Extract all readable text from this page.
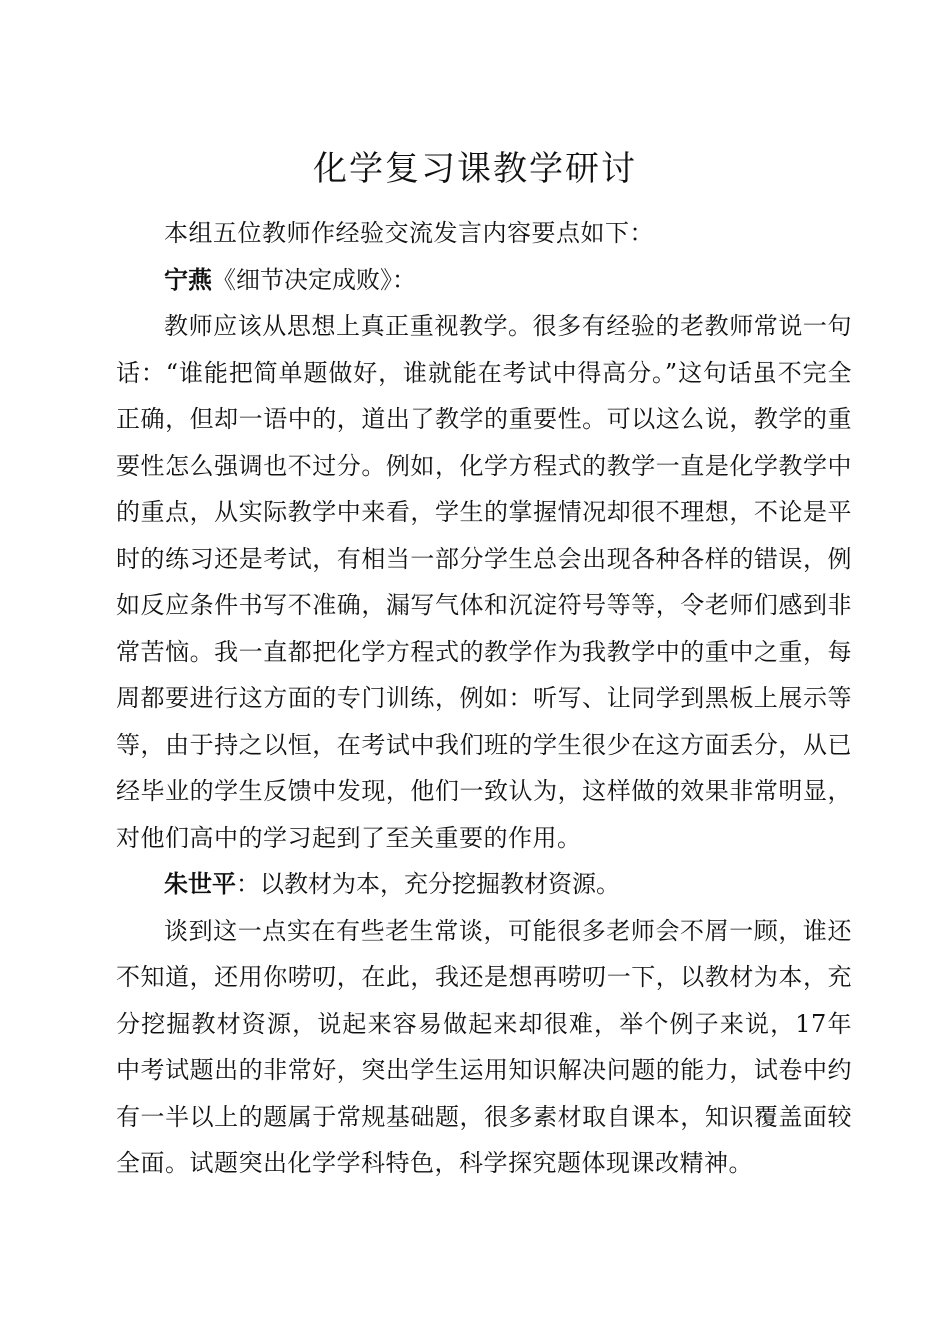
化学复习课教学研讨

本组五位教师作经验交流发言内容要点如下：

宁燕《细节决定成败》：

教师应该从思想上真正重视教学。很多有经验的老教师常说一句话：“谁能把简单题做好，谁就能在考试中得高分。”这句话虽不完全正确，但却一语中的，道出了教学的重要性。可以这么说，教学的重要性怎么强调也不过分。例如，化学方程式的教学一直是化学教学中的重点，从实际教学中来看，学生的掌握情况却很不理想，不论是平时的练习还是考试，有相当一部分学生总会出现各种各样的错误，例如反应条件书写不准确，漏写气体和沉淀符号等等，令老师们感到非常苦恼。我一直都把化学方程式的教学作为我教学中的重中之重，每周都要进行这方面的专门训练，例如：听写、让同学到黑板上展示等等，由于持之以恒，在考试中我们班的学生很少在这方面丢分，从已经毕业的学生反馈中发现，他们一致认为，这样做的效果非常明显，对他们高中的学习起到了至关重要的作用。

朱世平：以教材为本，充分挖掘教材资源。

谈到这一点实在有些老生常谈，可能很多老师会不屑一顾，谁还不知道，还用你唠叨，在此，我还是想再唠叨一下，以教材为本，充分挖掘教材资源，说起来容易做起来却很难，举个例子来说，17年中考试题出的非常好，突出学生运用知识解决问题的能力，试卷中约有一半以上的题属于常规基础题，很多素材取自课本，知识覆盖面较全面。试题突出化学学科特色，科学探究题体现课改精神。
